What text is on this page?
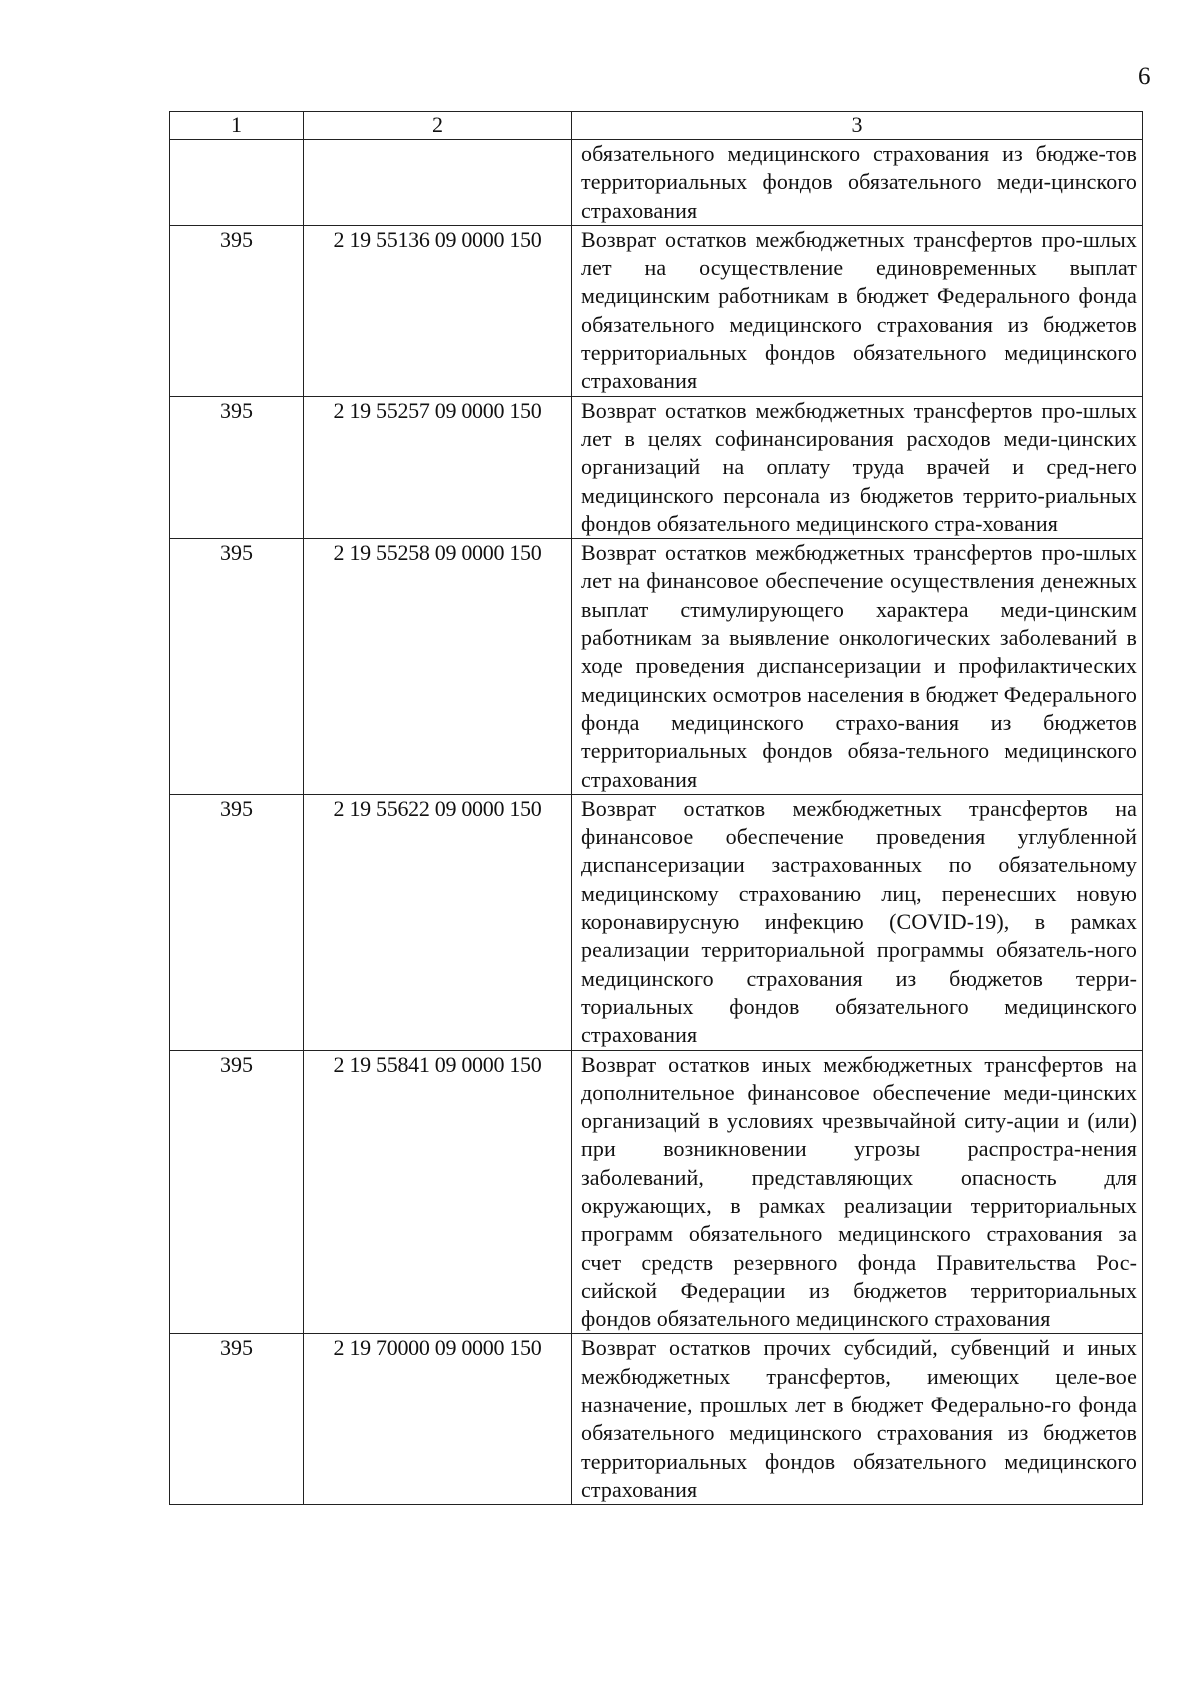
6
1	2	3
		обязательного медицинского страхования из бюдже-тов территориальных фондов обязательного меди-цинского страхования
395	2 19 55136 09 0000 150	Возврат остатков межбюджетных трансфертов про-шлых лет на осуществление единовременных выплат медицинским работникам в бюджет Федерального фонда обязательного медицинского страхования из бюджетов территориальных фондов обязательного медицинского страхования
395	2 19 55257 09 0000 150	Возврат остатков межбюджетных трансфертов про-шлых лет в целях софинансирования расходов меди-цинских организаций на оплату труда врачей и сред-него медицинского персонала из бюджетов террито-риальных фондов обязательного медицинского стра-хования
395	2 19 55258 09 0000 150	Возврат остатков межбюджетных трансфертов про-шлых лет на финансовое обеспечение осуществления денежных выплат стимулирующего характера меди-цинским работникам за выявление онкологических заболеваний в ходе проведения диспансеризации и профилактических медицинских осмотров населения в бюджет Федерального фонда медицинского страхо-вания из бюджетов территориальных фондов обяза-тельного медицинского страхования
395	2 19 55622 09 0000 150	Возврат остатков межбюджетных трансфертов на финансовое обеспечение проведения углубленной диспансеризации застрахованных по обязательному медицинскому страхованию лиц, перенесших новую коронавирусную инфекцию (COVID-19), в рамках реализации территориальной программы обязатель-ного медицинского страхования из бюджетов терри-ториальных фондов обязательного медицинского страхования
395	2 19 55841 09 0000 150	Возврат остатков иных межбюджетных трансфертов на дополнительное финансовое обеспечение меди-цинских организаций в условиях чрезвычайной ситу-ации и (или) при возникновении угрозы распростра-нения заболеваний, представляющих опасность для окружающих, в рамках реализации территориальных программ обязательного медицинского страхования за счет средств резервного фонда Правительства Рос-сийской Федерации из бюджетов территориальных фондов обязательного медицинского страхования
395	2 19 70000 09 0000 150	Возврат остатков прочих субсидий, субвенций и иных межбюджетных трансфертов, имеющих целе-вое назначение, прошлых лет в бюджет Федерально-го фонда обязательного медицинского страхования из бюджетов территориальных фондов обязательного медицинского страхования
